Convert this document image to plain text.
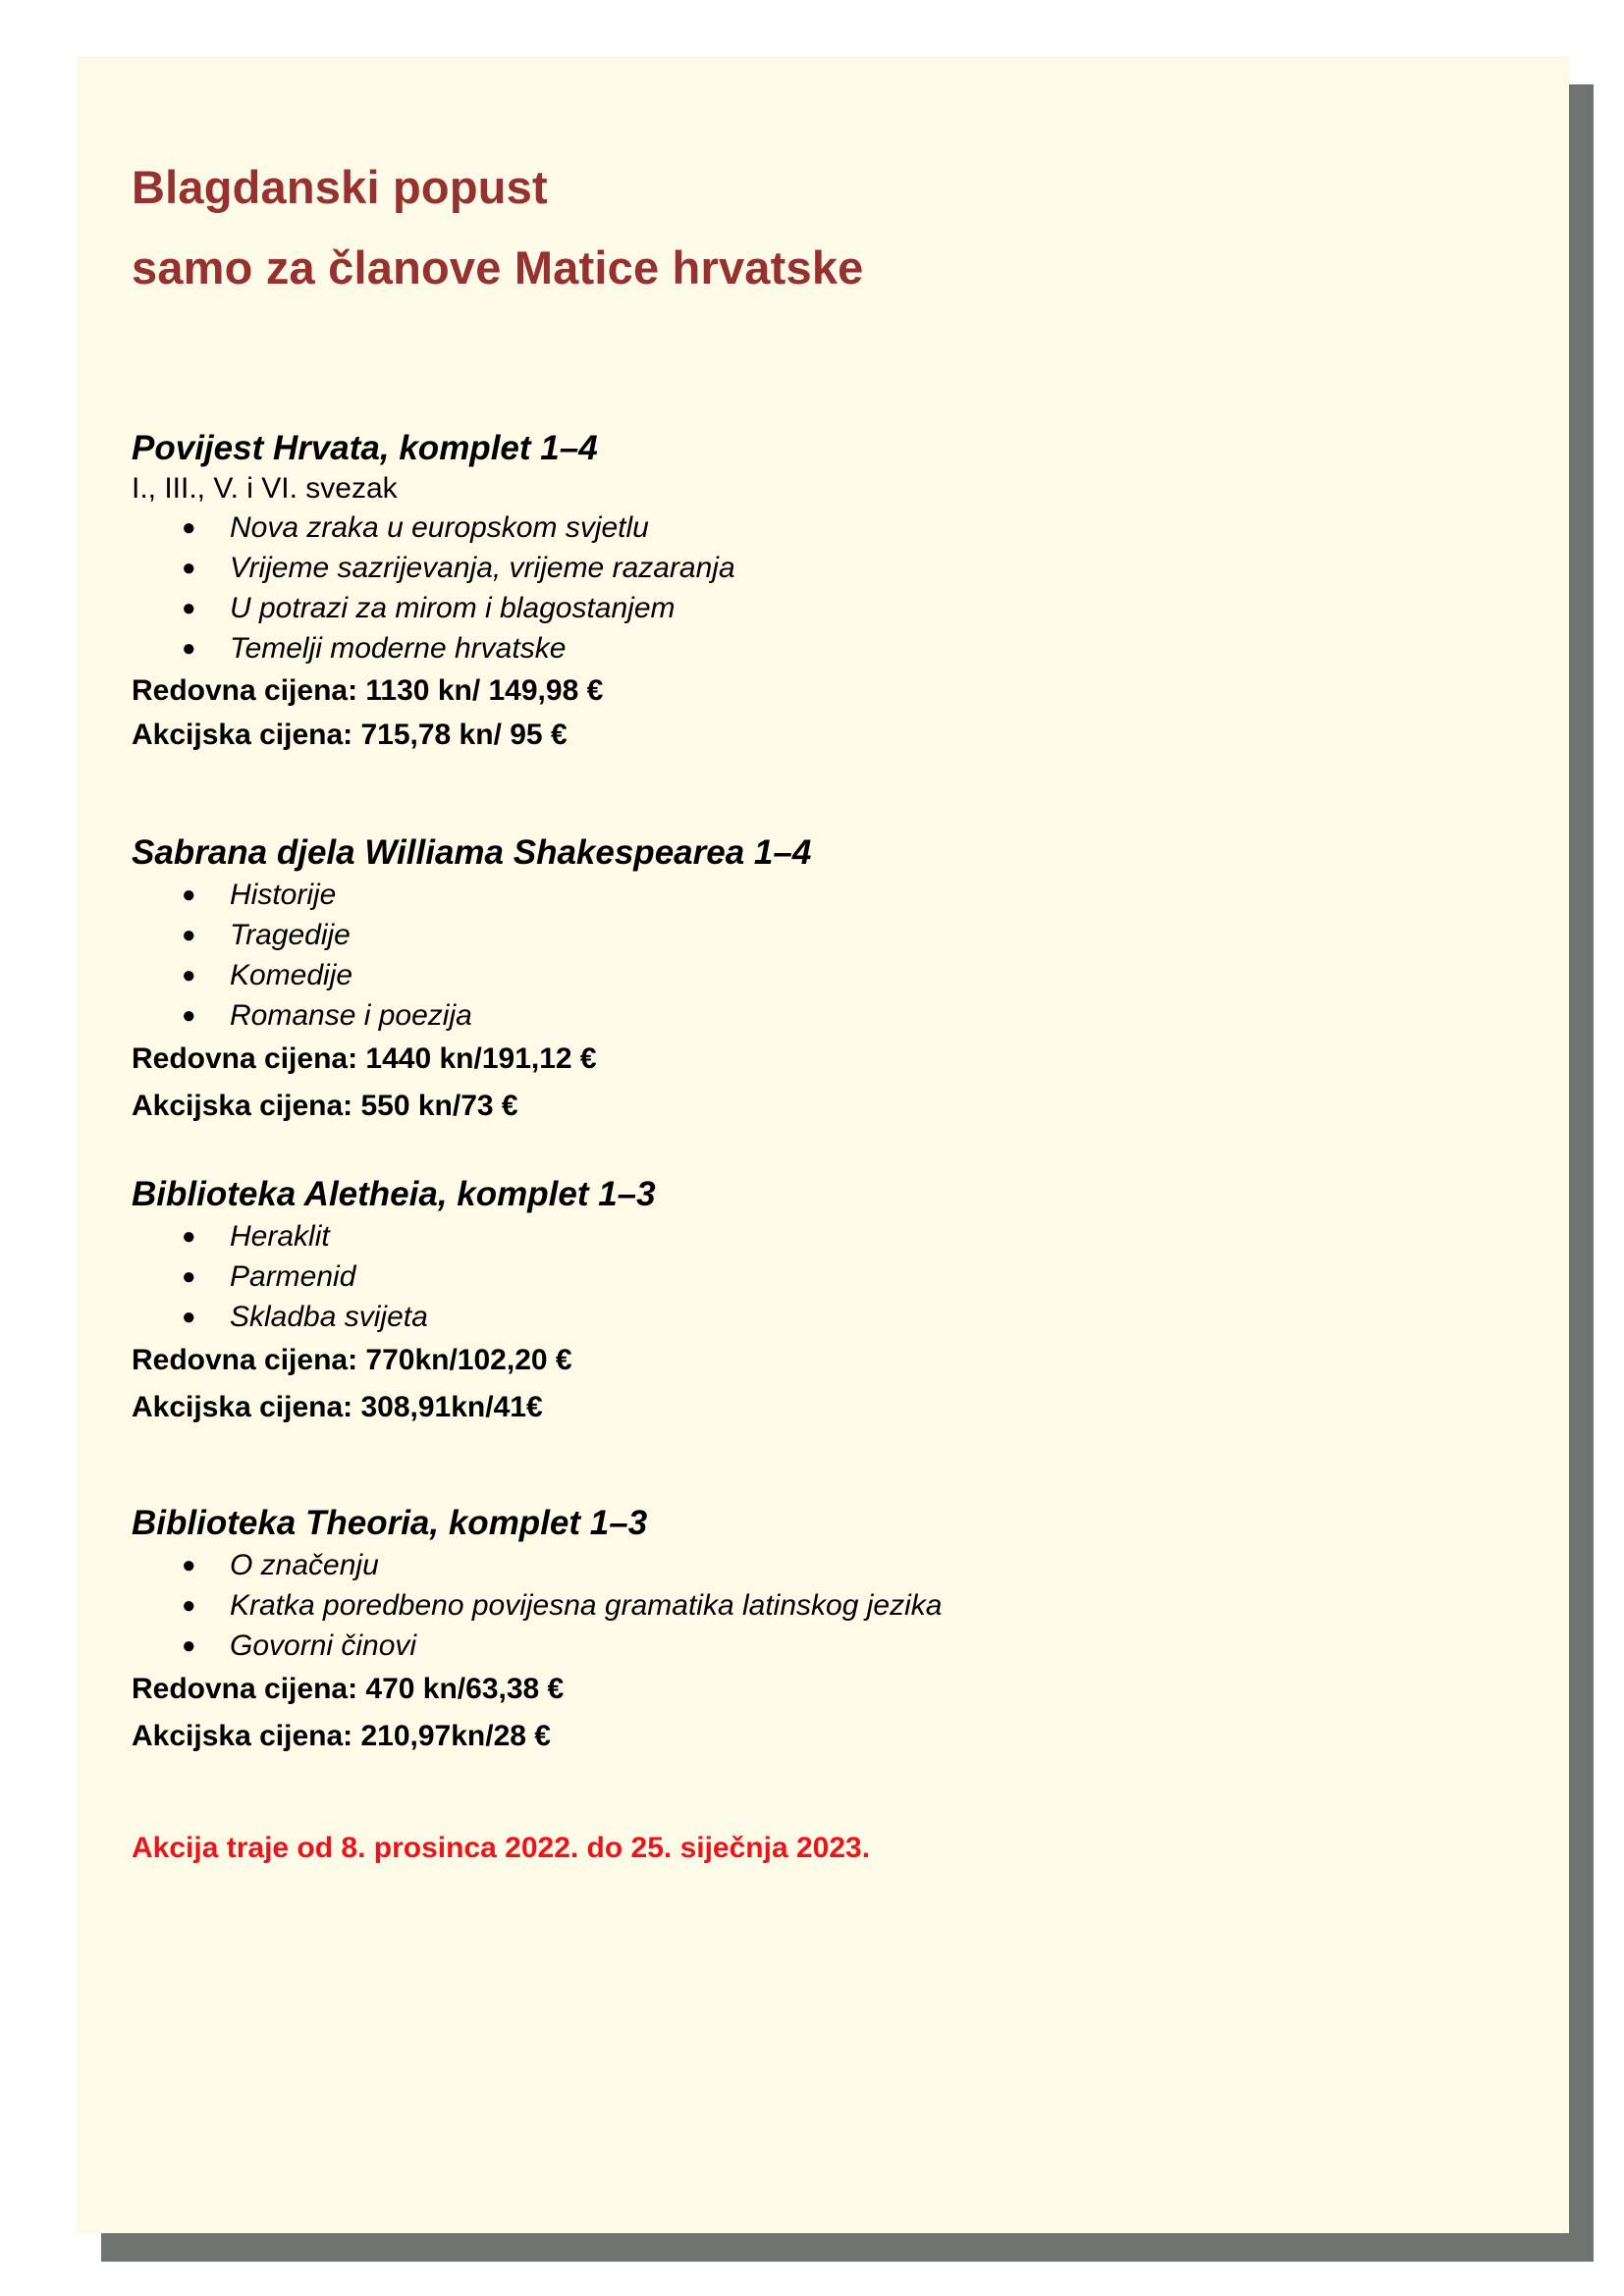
Blagdanski popust
samo za članove Matice hrvatske
Povijest Hrvata, komplet 1–4

I., III., V. i VI. svezak

● Nova zraka u europskom svjetlu
● Vrijeme sazrijevanja, vrijeme razaranja
● U potrazi za mirom i blagostanjem
● Temelji moderne hrvatske

Redovna cijena: 1130 kn/ 149,98 €

Akcijska cijena: 715,78 kn/ 95 €

Sabrana djela Williama Shakespearea 1–4
● Historije
● Tragedije
● Komedije
● Romanse i poezija

Redovna cijena: 1440 kn/191,12 €

Akcijska cijena: 550 kn/73 €

Biblioteka Aletheia, komplet 1–3
● Heraklit
● Parmenid
● Skladba svijeta

Redovna cijena: 770kn/102,20 €

Akcijska cijena: 308,91kn/41€

Biblioteka Theoria, komplet 1–3
● O značenju
● Kratka poredbeno povijesna gramatika latinskog jezika
● Govorni činovi

Redovna cijena: 470 kn/63,38 €

Akcijska cijena: 210,97kn/28 €

Akcija traje od 8. prosinca 2022. do 25. siječnja 2023.
